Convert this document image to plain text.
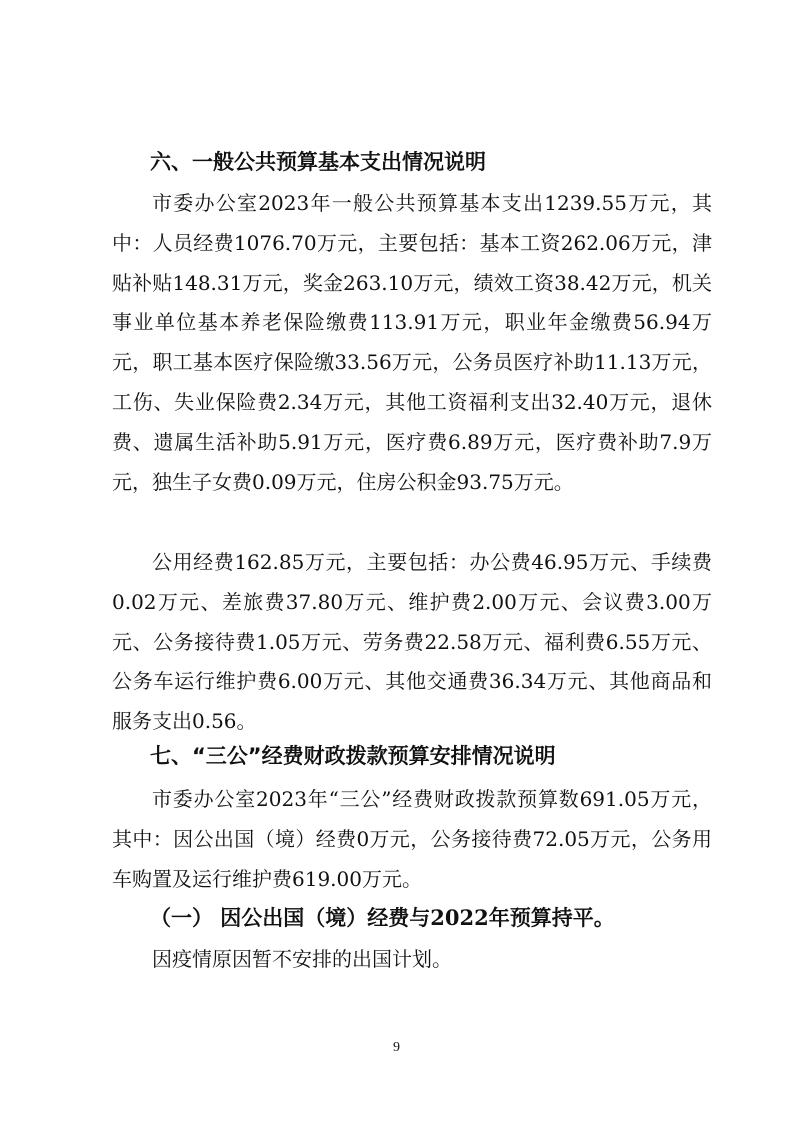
六、一般公共预算基本支出情况说明

市委办公室2023年一般公共预算基本支出1239.55万元，其中：人员经费1076.70万元，主要包括：基本工资262.06万元，津贴补贴148.31万元，奖金263.10万元，绩效工资38.42万元，机关事业单位基本养老保险缴费113.91万元，职业年金缴费56.94万元，职工基本医疗保险缴33.56万元，公务员医疗补助11.13万元，工伤、失业保险费2.34万元，其他工资福利支出32.40万元，退休费、遗属生活补助5.91万元，医疗费6.89万元，医疗费补助7.9万元，独生子女费0.09万元，住房公积金93.75万元。

公用经费162.85万元，主要包括：办公费46.95万元、手续费0.02万元、差旅费37.80万元、维护费2.00万元、会议费3.00万元、公务接待费1.05万元、劳务费22.58万元、福利费6.55万元、公务车运行维护费6.00万元、其他交通费36.34万元、其他商品和服务支出0.56。

七、“三公”经费财政拨款预算安排情况说明

市委办公室2023年“三公”经费财政拨款预算数691.05万元，其中：因公出国（境）经费0万元，公务接待费72.05万元，公务用车购置及运行维护费619.00万元。

（一） 因公出国（境）经费与2022年预算持平。

因疫情原因暂不安排的出国计划。

9
